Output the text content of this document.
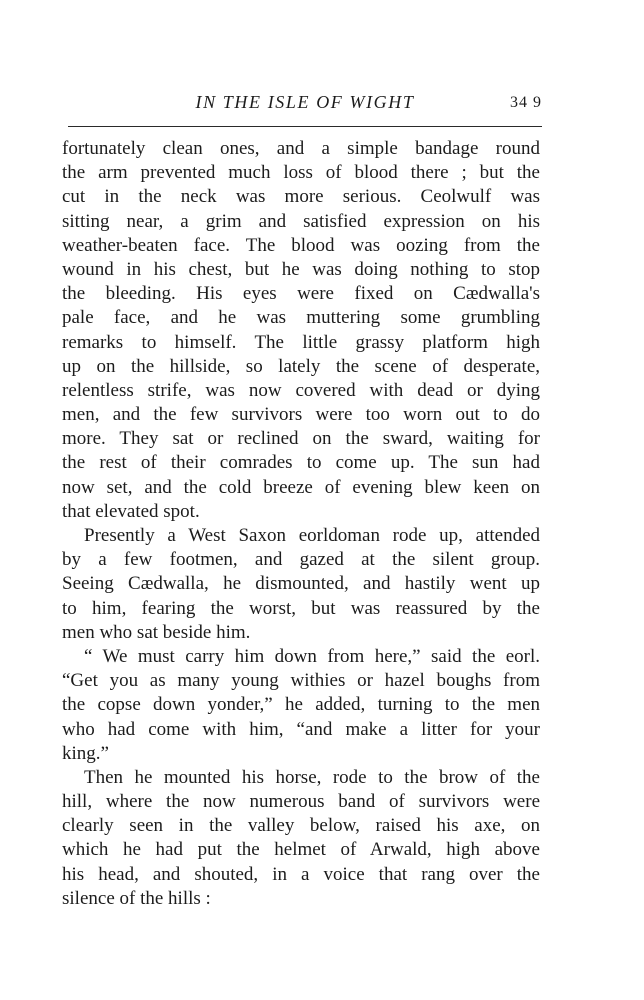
IN THE ISLE OF WIGHT	34 9
fortunately clean ones, and a simple bandage round
the arm prevented much loss of blood there ; but the
cut in the neck was more serious. Ceolwulf was
sitting near, a grim and satisfied expression on his
weather-beaten face. The blood was oozing from the
wound in his chest, but he was doing nothing to stop
the bleeding. His eyes were fixed on Cædwalla's
pale face, and he was muttering some grumbling
remarks to himself. The little grassy platform high
up on the hillside, so lately the scene of desperate,
relentless strife, was now covered with dead or dying
men, and the few survivors were too worn out to do
more. They sat or reclined on the sward, waiting for
the rest of their comrades to come up. The sun had
now set, and the cold breeze of evening blew keen on
that elevated spot.
Presently a West Saxon eorldoman rode up, attended
by a few footmen, and gazed at the silent group.
Seeing Cædwalla, he dismounted, and hastily went up
to him, fearing the worst, but was reassured by the
men who sat beside him.
“ We must carry him down from here,” said the eorl.
“Get you as many young withies or hazel boughs from
the copse down yonder,” he added, turning to the men
who had come with him, “and make a litter for your
king.”
Then he mounted his horse, rode to the brow of the
hill, where the now numerous band of survivors were
clearly seen in the valley below, raised his axe, on
which he had put the helmet of Arwald, high above
his head, and shouted, in a voice that rang over the
silence of the hills :
